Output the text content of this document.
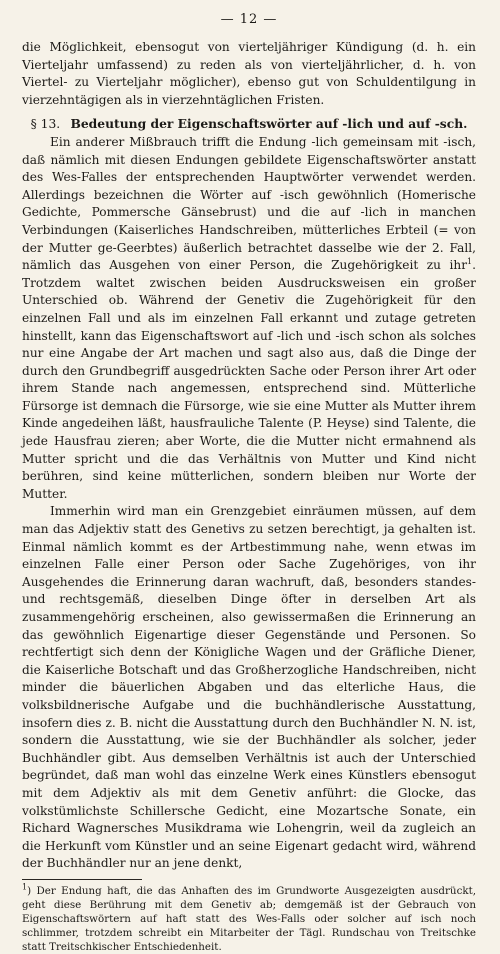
— 12 —

die Möglichkeit, ebensogut von vierteljähriger Kündigung (d. h. ein Vierteljahr umfassend) zu reden als von vierteljährlicher, d. h. von Viertel- zu Vierteljahr möglicher), ebenso gut von Schuldentilgung in vierzehntägigen als in vierzehntäglichen Fristen.

§ 13. Bedeutung der Eigenschaftswörter auf -lich und auf -sch.

Ein anderer Mißbrauch trifft die Endung -lich gemeinsam mit -isch, daß nämlich mit diesen Endungen gebildete Eigenschaftswörter anstatt des Wes-Falles der entsprechenden Hauptwörter verwendet werden. Allerdings bezeichnen die Wörter auf -isch gewöhnlich (Homerische Gedichte, Pommersche Gänsebrust) und die auf -lich in manchen Verbindungen (Kaiserliches Handschreiben, mütterliches Erbteil (= von der Mutter ge-Geerbtes) äußerlich betrachtet dasselbe wie der 2. Fall, nämlich das Ausgehen von einer Person, die Zugehörigkeit zu ihr$^1$. Trotzdem waltet zwischen beiden Ausdrucksweisen ein großer Unterschied ob. Während der Genetiv die Zugehörigkeit für den einzelnen Fall und als im einzelnen Fall erkannt und zutage getreten hinstellt, kann das Eigenschaftswort auf -lich und -isch schon als solches nur eine Angabe der Art machen und sagt also aus, daß die Dinge der durch den Grundbegriff ausgedrückten Sache oder Person ihrer Art oder ihrem Stande nach angemessen, entsprechend sind. Mütterliche Fürsorge ist demnach die Fürsorge, wie sie eine Mutter als Mutter ihrem Kinde angedeihen läßt, hausfrauliche Talente (P. Heyse) sind Talente, die jede Hausfrau zieren; aber Worte, die die Mutter nicht ermahnend als Mutter spricht und die das Verhältnis von Mutter und Kind nicht berühren, sind keine mütterlichen, sondern bleiben nur Worte der Mutter.

Immerhin wird man ein Grenzgebiet einräumen müssen, auf dem man das Adjektiv statt des Genetivs zu setzen berechtigt, ja gehalten ist. Einmal nämlich kommt es der Artbestimmung nahe, wenn etwas im einzelnen Falle einer Person oder Sache Zugehöriges, von ihr Ausgehendes die Erinnerung daran wachruft, daß, besonders standes- und rechtsgemäß, dieselben Dinge öfter in derselben Art als zusammengehörig erscheinen, also gewissermaßen die Erinnerung an das gewöhnlich Eigenartige dieser Gegenstände und Personen. So rechtfertigt sich denn der Königliche Wagen und der Gräfliche Diener, die Kaiserliche Botschaft und das Großherzogliche Handschreiben, nicht minder die bäuerlichen Abgaben und das elterliche Haus, die volksbildnerische Aufgabe und die buchhändlerische Ausstattung, insofern dies z. B. nicht die Ausstattung durch den Buchhändler N. N. ist, sondern die Ausstattung, wie sie der Buchhändler als solcher, jeder Buchhändler gibt. Aus demselben Verhältnis ist auch der Unterschied begründet, daß man wohl das einzelne Werk eines Künstlers ebensogut mit dem Adjektiv als mit dem Genetiv anführt: die Glocke, das volkstümlichste Schillersche Gedicht, eine Mozartsche Sonate, ein Richard Wagnersches Musikdrama wie Lohengrin, weil da zugleich an die Herkunft vom Künstler und an seine Eigenart gedacht wird, während der Buchhändler nur an jene denkt,

$^1$) Der Endung haft, die das Anhaften des im Grundworte Ausgezeigten ausdrückt, geht diese Berührung mit dem Genetiv ab; demgemäß ist der Gebrauch von Eigenschaftswörtern auf haft statt des Wes-Falls oder solcher auf isch noch schlimmer, trotzdem schreibt ein Mitarbeiter der Tägl. Rundschau von Treitschke statt Treitschkischer Entschiedenheit.
